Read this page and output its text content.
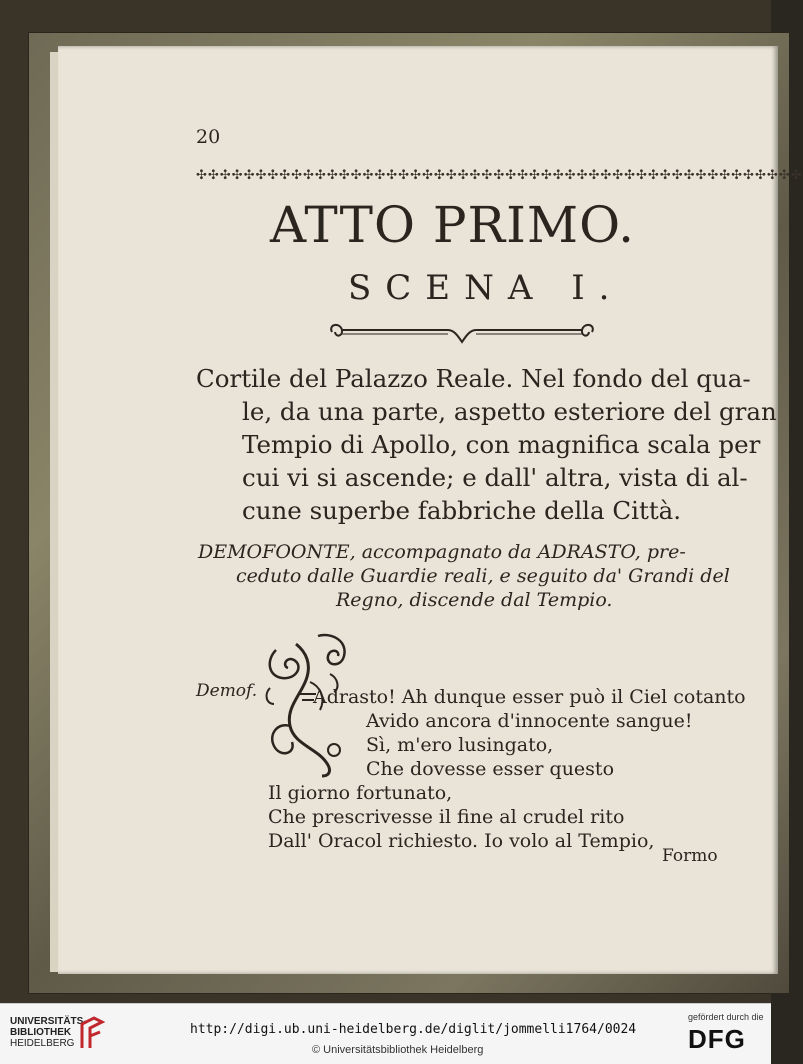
20
✣✣✣✣✣✣✣✣✣✣✣✣✣✣✣✣✣✣✣✣✣✣✣✣✣✣✣✣✣✣✣✣✣✣✣✣✣✣✣✣✣✣✣✣✣✣✣✣✣✣✣
ATTO PRIMO.
SCENA I.
Cortile del Palazzo Reale. Nel fondo del qua-
le, da una parte, aspetto esteriore del gran
Tempio di Apollo, con magnifica scala per
cui vi si ascende; e dall' altra, vista di al-
cune superbe fabbriche della Città.
DEMOFOONTE, accompagnato da ADRASTO, pre-
ceduto dalle Guardie reali, e seguito da' Grandi del
Regno, discende dal Tempio.
Demof.	Adrasto! Ah dunque esser può il Ciel cotanto
Avido ancora d'innocente sangue!
Sì, m'ero lusingato,
Che dovesse esser questo
Il giorno fortunato,
Che prescrivesse il fine al crudel rito
Dall' Oracol richiesto. Io volo al Tempio,
Formo
UNIVERSITÄTS-
BIBLIOTHEK
HEIDELBERG
http://digi.ub.uni-heidelberg.de/diglit/jommelli1764/0024
© Universitätsbibliothek Heidelberg
gefördert durch die
DFG
